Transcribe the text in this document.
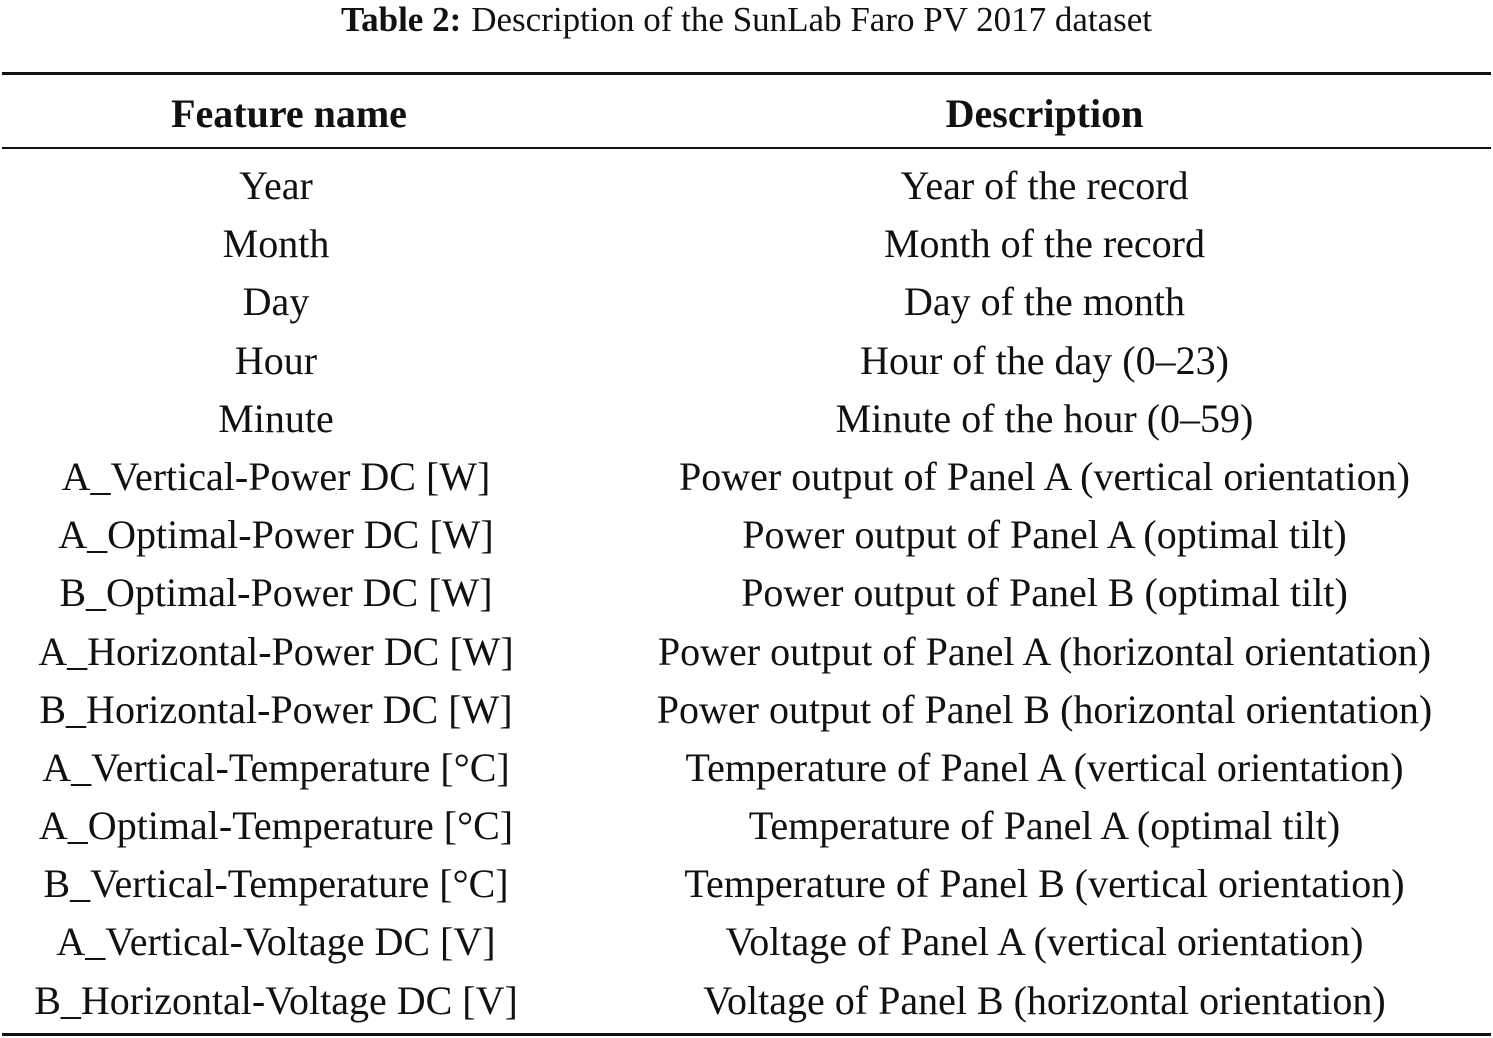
Table 2: Description of the SunLab Faro PV 2017 dataset
Feature name	Description
Year	Year of the record
Month	Month of the record
Day	Day of the month
Hour	Hour of the day (0–23)
Minute	Minute of the hour (0–59)
A_Vertical-Power DC [W]	Power output of Panel A (vertical orientation)
A_Optimal-Power DC [W]	Power output of Panel A (optimal tilt)
B_Optimal-Power DC [W]	Power output of Panel B (optimal tilt)
A_Horizontal-Power DC [W]	Power output of Panel A (horizontal orientation)
B_Horizontal-Power DC [W]	Power output of Panel B (horizontal orientation)
A_Vertical-Temperature [°C]	Temperature of Panel A (vertical orientation)
A_Optimal-Temperature [°C]	Temperature of Panel A (optimal tilt)
B_Vertical-Temperature [°C]	Temperature of Panel B (vertical orientation)
A_Vertical-Voltage DC [V]	Voltage of Panel A (vertical orientation)
B_Horizontal-Voltage DC [V]	Voltage of Panel B (horizontal orientation)
